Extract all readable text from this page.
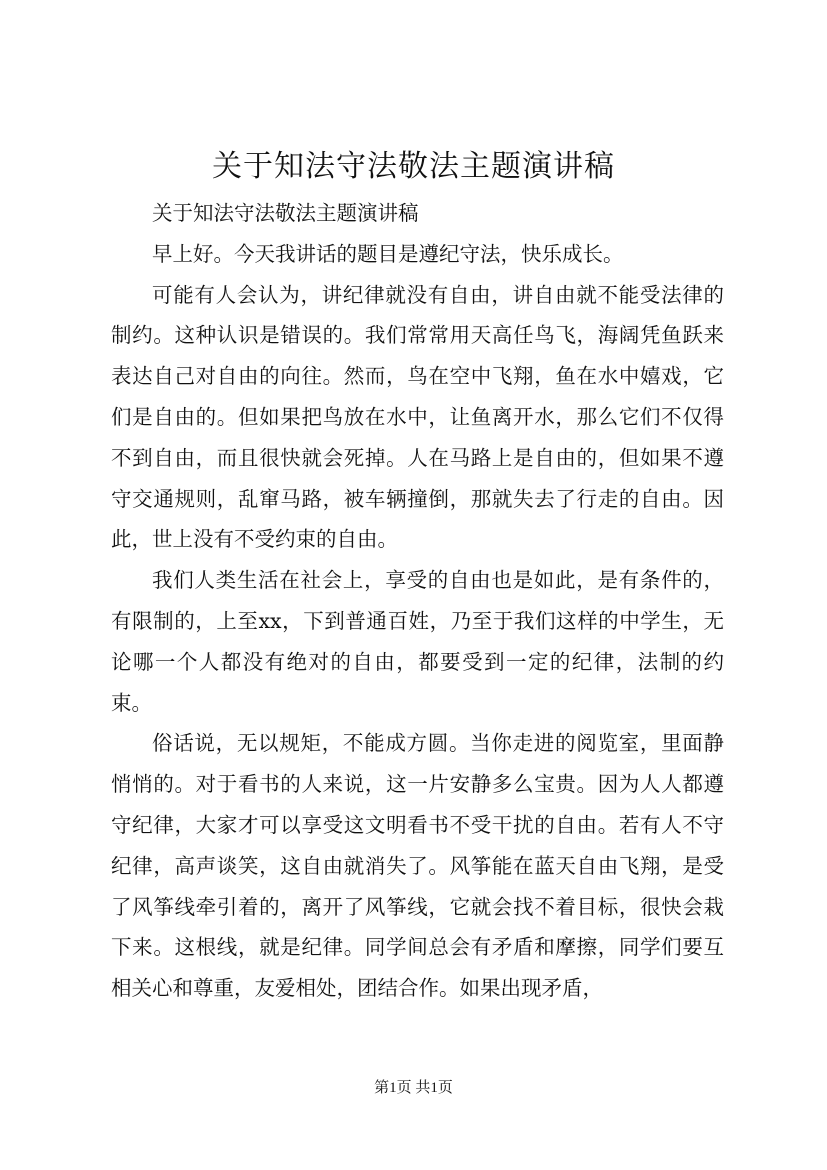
关于知法守法敬法主题演讲稿

关于知法守法敬法主题演讲稿

早上好。今天我讲话的题目是遵纪守法，快乐成长。

可能有人会认为，讲纪律就没有自由，讲自由就不能受法律的制约。这种认识是错误的。我们常常用天高任鸟飞，海阔凭鱼跃来表达自己对自由的向往。然而，鸟在空中飞翔，鱼在水中嬉戏，它们是自由的。但如果把鸟放在水中，让鱼离开水，那么它们不仅得不到自由，而且很快就会死掉。人在马路上是自由的，但如果不遵守交通规则，乱窜马路，被车辆撞倒，那就失去了行走的自由。因此，世上没有不受约束的自由。

我们人类生活在社会上，享受的自由也是如此，是有条件的，有限制的，上至xx，下到普通百姓，乃至于我们这样的中学生，无论哪一个人都没有绝对的自由，都要受到一定的纪律，法制的约束。

俗话说，无以规矩，不能成方圆。当你走进的阅览室，里面静悄悄的。对于看书的人来说，这一片安静多么宝贵。因为人人都遵守纪律，大家才可以享受这文明看书不受干扰的自由。若有人不守纪律，高声谈笑，这自由就消失了。风筝能在蓝天自由飞翔，是受了风筝线牵引着的，离开了风筝线，它就会找不着目标，很快会栽下来。这根线，就是纪律。同学间总会有矛盾和摩擦，同学们要互相关心和尊重，友爱相处，团结合作。如果出现矛盾，

第1页 共1页
